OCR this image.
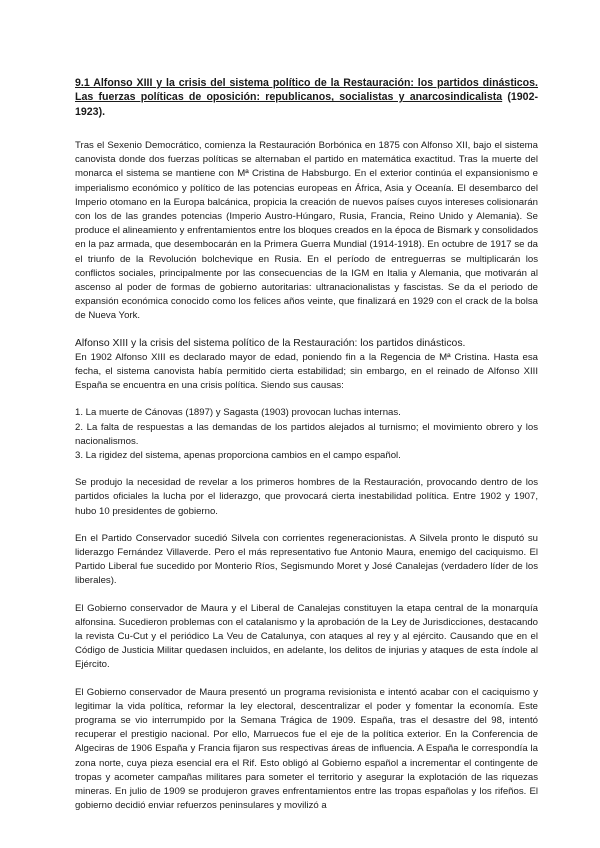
9.1 Alfonso XIII y la crisis del sistema político de la Restauración: los partidos dinásticos. Las fuerzas políticas de oposición: republicanos, socialistas y anarcosindicalista (1902-1923).

Tras el Sexenio Democrático, comienza la Restauración Borbónica en 1875 con Alfonso XII, bajo el sistema canovista donde dos fuerzas políticas se alternaban el partido en matemática exactitud. Tras la muerte del monarca el sistema se mantiene con Mª Cristina de Habsburgo. En el exterior continúa el expansionismo e imperialismo económico y político de las potencias europeas en África, Asia y Oceanía. El desembarco del Imperio otomano en la Europa balcánica, propicia la creación de nuevos países cuyos intereses colisionarán con los de las grandes potencias (Imperio Austro-Húngaro, Rusia, Francia, Reino Unido y Alemania). Se produce el alineamiento y enfrentamientos entre los bloques creados en la época de Bismark y consolidados en la paz armada, que desembocarán en la Primera Guerra Mundial (1914-1918). En octubre de 1917 se da el triunfo de la Revolución bolchevique en Rusia. En el período de entreguerras se multiplicarán los conflictos sociales, principalmente por las consecuencias de la IGM en Italia y Alemania, que motivarán al ascenso al poder de formas de gobierno autoritarias: ultranacionalistas y fascistas. Se da el periodo de expansión económica conocido como los felices años veinte, que finalizará en 1929 con el crack de la bolsa de Nueva York.

Alfonso XIII y la crisis del sistema político de la Restauración: los partidos dinásticos.

En 1902 Alfonso XIII es declarado mayor de edad, poniendo fin a la Regencia de Mª Cristina. Hasta esa fecha, el sistema canovista había permitido cierta estabilidad; sin embargo, en el reinado de Alfonso XIII España se encuentra en una crisis política. Siendo sus causas:

1. La muerte de Cánovas (1897) y Sagasta (1903) provocan luchas internas.
2. La falta de respuestas a las demandas de los partidos alejados al turnismo; el movimiento obrero y los nacionalismos.
3. La rigidez del sistema, apenas proporciona cambios en el campo español.

Se produjo la necesidad de revelar a los primeros hombres de la Restauración, provocando dentro de los partidos oficiales la lucha por el liderazgo, que provocará cierta inestabilidad política. Entre 1902 y 1907, hubo 10 presidentes de gobierno.

En el Partido Conservador sucedió Silvela con corrientes regeneracionistas. A Silvela pronto le disputó su liderazgo Fernández Villaverde. Pero el más representativo fue Antonio Maura, enemigo del caciquismo. El Partido Liberal fue sucedido por Monterio Ríos, Segismundo Moret y José Canalejas (verdadero líder de los liberales).

El Gobierno conservador de Maura y el Liberal de Canalejas constituyen la etapa central de la monarquía alfonsina. Sucedieron problemas con el catalanismo y la aprobación de la Ley de Jurisdicciones, destacando la revista Cu-Cut y el periódico La Veu de Catalunya, con ataques al rey y al ejército. Causando que en el Código de Justicia Militar quedasen incluidos, en adelante, los delitos de injurias y ataques de esta índole al Ejército.

El Gobierno conservador de Maura presentó un programa revisionista e intentó acabar con el caciquismo y legitimar la vida política, reformar la ley electoral, descentralizar el poder y fomentar la economía. Este programa se vio interrumpido por la Semana Trágica de 1909. España, tras el desastre del 98, intentó recuperar el prestigio nacional. Por ello, Marruecos fue el eje de la política exterior. En la Conferencia de Algeciras de 1906 España y Francia fijaron sus respectivas áreas de influencia. A España le correspondía la zona norte, cuya pieza esencial era el Rif. Esto obligó al Gobierno español a incrementar el contingente de tropas y acometer campañas militares para someter el territorio y asegurar la explotación de las riquezas mineras. En julio de 1909 se produjeron graves enfrentamientos entre las tropas españolas y los rifeños. El gobierno decidió enviar refuerzos peninsulares y movilizó a
